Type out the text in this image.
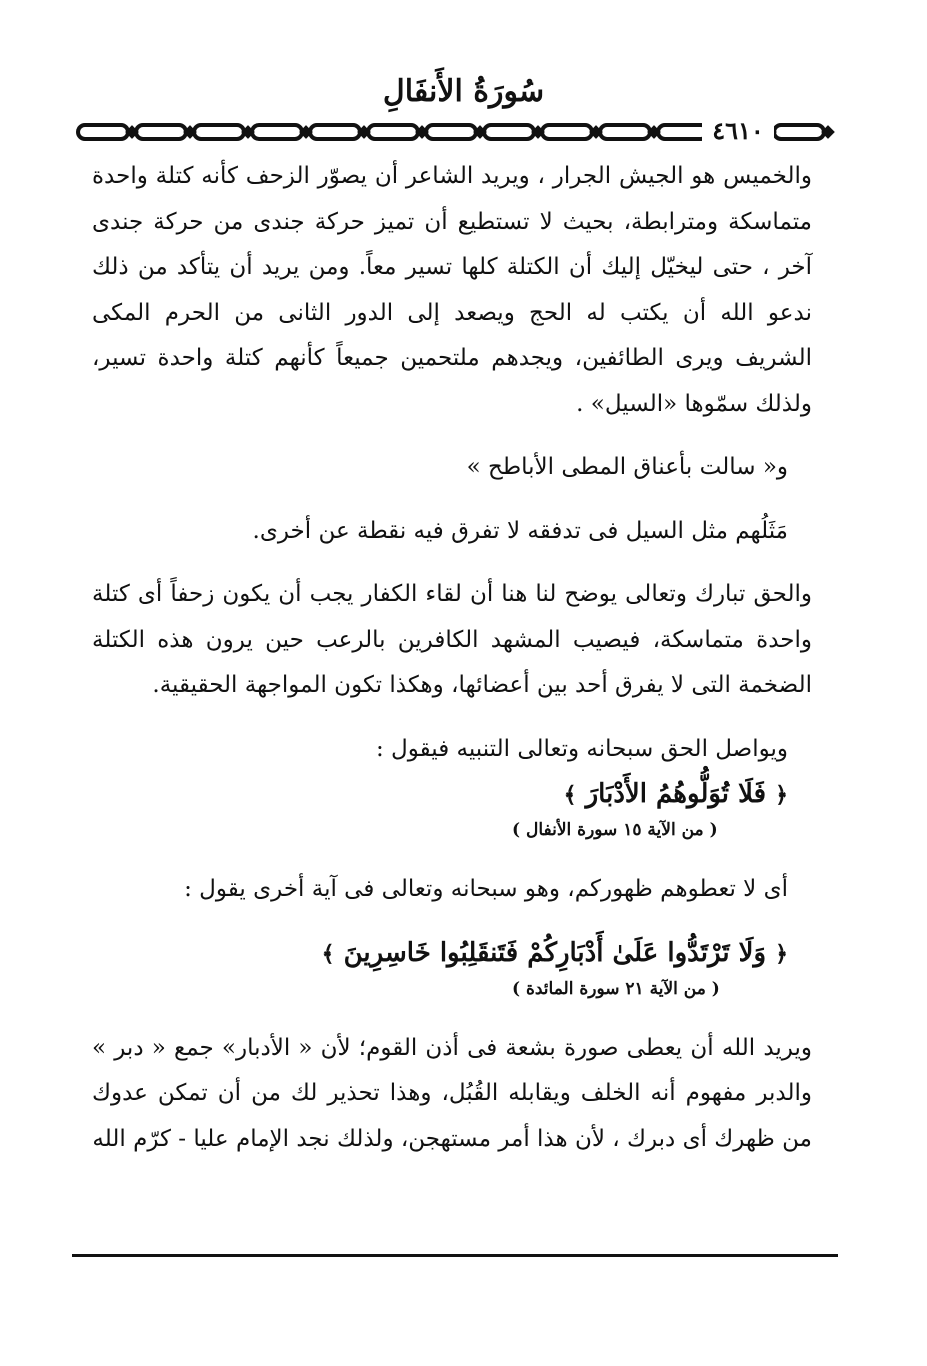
سُورَةُ الأَنفَالِ
٤٦١٠

والخميس هو الجيش الجرار ، ويريد الشاعر أن يصوّر الزحف كأنه كتلة واحدة متماسكة ومترابطة، بحيث لا تستطيع أن تميز حركة جندى من حركة جندى آخر ، حتى ليخيّل إليك أن الكتلة كلها تسير معاً. ومن يريد أن يتأكد من ذلك ندعو الله أن يكتب له الحج ويصعد إلى الدور الثانى من الحرم المكى الشريف ويرى الطائفين، ويجدهم ملتحمين جميعاً كأنهم كتلة واحدة تسير، ولذلك سمّوها «السيل» .

و« سالت بأعناق المطى الأباطح »

مَثَلُهم مثل السيل فى تدفقه لا تفرق فيه نقطة عن أخرى.

والحق تبارك وتعالى يوضح لنا هنا أن لقاء الكفار يجب أن يكون زحفاً أى كتلة واحدة متماسكة، فيصيب المشهد الكافرين بالرعب حين يرون هذه الكتلة الضخمة التى لا يفرق أحد بين أعضائها، وهكذا تكون المواجهة الحقيقية.

ويواصل الحق سبحانه وتعالى التنبيه فيقول :

﴿ فَلَا تُوَلُّوهُمُ الأَدْبَارَ ﴾

( من الآية ١٥ سورة الأنفال )

أى لا تعطوهم ظهوركم، وهو سبحانه وتعالى فى آية أخرى يقول :

﴿ وَلَا تَرْتَدُّوا عَلَىٰ أَدْبَارِكُمْ فَتَنقَلِبُوا خَاسِرِينَ ﴾

( من الآية ٢١ سورة المائدة )

ويريد الله أن يعطى صورة بشعة فى أذن القوم؛ لأن « الأدبار» جمع « دبر » والدبر مفهوم أنه الخلف ويقابله القُبُل، وهذا تحذير لك من أن تمكن عدوك من ظهرك أى دبرك ، لأن هذا أمر مستهجن، ولذلك نجد الإمام عليا - كرّم الله
